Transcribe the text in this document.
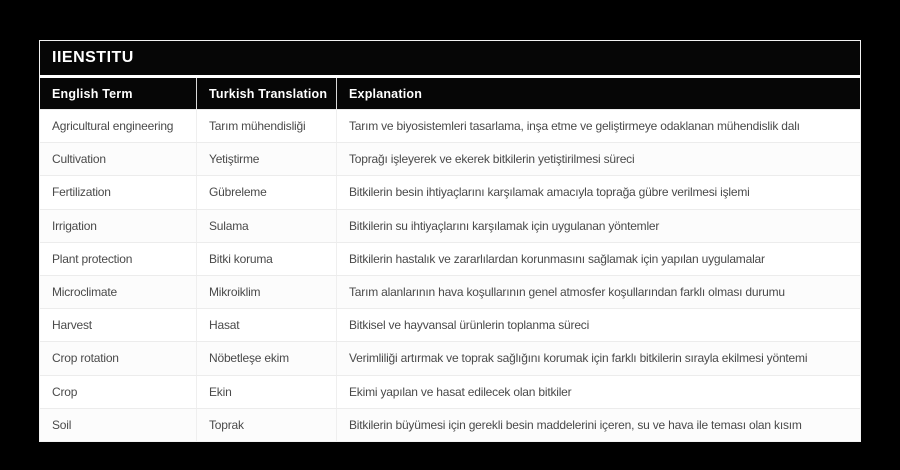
IIENSTITU
English Term	Turkish Translation	Explanation
Agricultural engineering	Tarım mühendisliği	Tarım ve biyosistemleri tasarlama, inşa etme ve geliştirmeye odaklanan mühendislik dalı
Cultivation	Yetiştirme	Toprağı işleyerek ve ekerek bitkilerin yetiştirilmesi süreci
Fertilization	Gübreleme	Bitkilerin besin ihtiyaçlarını karşılamak amacıyla toprağa gübre verilmesi işlemi
Irrigation	Sulama	Bitkilerin su ihtiyaçlarını karşılamak için uygulanan yöntemler
Plant protection	Bitki koruma	Bitkilerin hastalık ve zararlılardan korunmasını sağlamak için yapılan uygulamalar
Microclimate	Mikroiklim	Tarım alanlarının hava koşullarının genel atmosfer koşullarından farklı olması durumu
Harvest	Hasat	Bitkisel ve hayvansal ürünlerin toplanma süreci
Crop rotation	Nöbetleşe ekim	Verimliliği artırmak ve toprak sağlığını korumak için farklı bitkilerin sırayla ekilmesi yöntemi
Crop	Ekin	Ekimi yapılan ve hasat edilecek olan bitkiler
Soil	Toprak	Bitkilerin büyümesi için gerekli besin maddelerini içeren, su ve hava ile teması olan kısım
